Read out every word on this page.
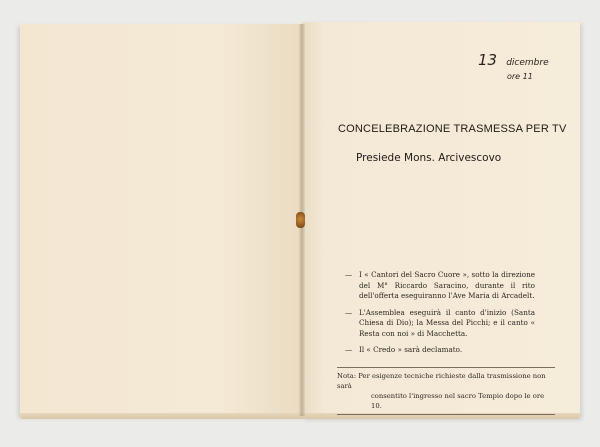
13 dicembre
ore 11
CONCELEBRAZIONE TRASMESSA PER TV
Presiede Mons. Arcivescovo
— I « Cantori del Sacro Cuore », sotto la direzione del M° Riccardo Saracino, durante il rito dell'offerta eseguiranno l'Ave Maria di Arcadelt.
— L'Assemblea eseguirà il canto d'inizio (Santa Chiesa di Dio); la Messa del Picchi; e il canto « Resta con noi » di Macchetta.
— Il « Credo » sarà declamato.
Nota: Per esigenze tecniche richieste dalla trasmissione non sarà
consentito l'ingresso nel sacro Tempio dopo le ore 10.
